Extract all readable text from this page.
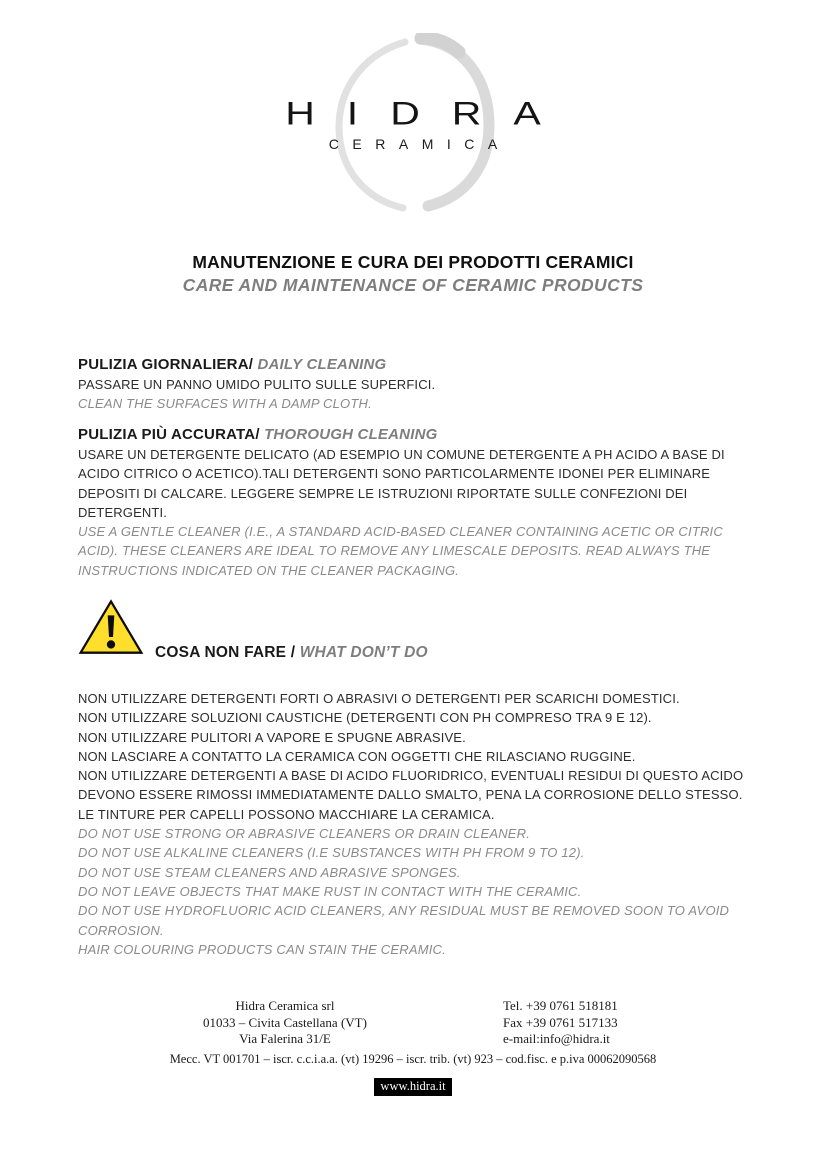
HIDRA
CERAMICA
MANUTENZIONE E CURA DEI PRODOTTI CERAMICI
CARE AND MAINTENANCE OF CERAMIC PRODUCTS
PULIZIA GIORNALIERA/ DAILY CLEANING

PASSARE UN PANNO UMIDO PULITO SULLE SUPERFICI.

CLEAN THE SURFACES WITH A DAMP CLOTH.

PULIZIA PIÙ ACCURATA/ THOROUGH CLEANING

USARE UN DETERGENTE DELICATO (AD ESEMPIO UN COMUNE DETERGENTE A PH ACIDO A BASE DI ACIDO CITRICO O ACETICO).TALI DETERGENTI SONO PARTICOLARMENTE IDONEI PER ELIMINARE DEPOSITI DI CALCARE. LEGGERE SEMPRE LE ISTRUZIONI RIPORTATE SULLE CONFEZIONI DEI DETERGENTI.

USE A GENTLE CLEANER (I.E., A STANDARD ACID-BASED CLEANER CONTAINING ACETIC OR CITRIC ACID). THESE CLEANERS ARE IDEAL TO REMOVE ANY LIMESCALE DEPOSITS. READ ALWAYS THE INSTRUCTIONS INDICATED ON THE CLEANER PACKAGING.

COSA NON FARE / WHAT DON’T DO

NON UTILIZZARE DETERGENTI FORTI O ABRASIVI O DETERGENTI PER SCARICHI DOMESTICI.

NON UTILIZZARE SOLUZIONI CAUSTICHE (DETERGENTI CON PH COMPRESO TRA 9 E 12).

NON UTILIZZARE PULITORI A VAPORE E SPUGNE ABRASIVE.

NON LASCIARE A CONTATTO LA CERAMICA CON OGGETTI CHE RILASCIANO RUGGINE.

NON UTILIZZARE DETERGENTI A BASE DI ACIDO FLUORIDRICO, EVENTUALI RESIDUI DI QUESTO ACIDO DEVONO ESSERE RIMOSSI IMMEDIATAMENTE DALLO SMALTO, PENA LA CORROSIONE DELLO STESSO.

LE TINTURE PER CAPELLI POSSONO MACCHIARE LA CERAMICA.

DO NOT USE STRONG OR ABRASIVE CLEANERS OR DRAIN CLEANER.

DO NOT USE ALKALINE CLEANERS (I.E SUBSTANCES WITH PH FROM 9 TO 12).

DO NOT USE STEAM CLEANERS AND ABRASIVE SPONGES.

DO NOT LEAVE OBJECTS THAT MAKE RUST IN CONTACT WITH THE CERAMIC.

DO NOT USE HYDROFLUORIC ACID CLEANERS, ANY RESIDUAL MUST BE REMOVED SOON TO AVOID CORROSION.

HAIR COLOURING PRODUCTS CAN STAIN THE CERAMIC.

Hidra Ceramica srl
01033 – Civita Castellana (VT)
Via Falerina 31/E
Tel. +39 0761 518181
Fax +39 0761 517133
e-mail:info@hidra.it
Mecc. VT 001701 – iscr. c.c.i.a.a. (vt) 19296 – iscr. trib. (vt) 923 – cod.fisc. e p.iva 00062090568
www.hidra.it
